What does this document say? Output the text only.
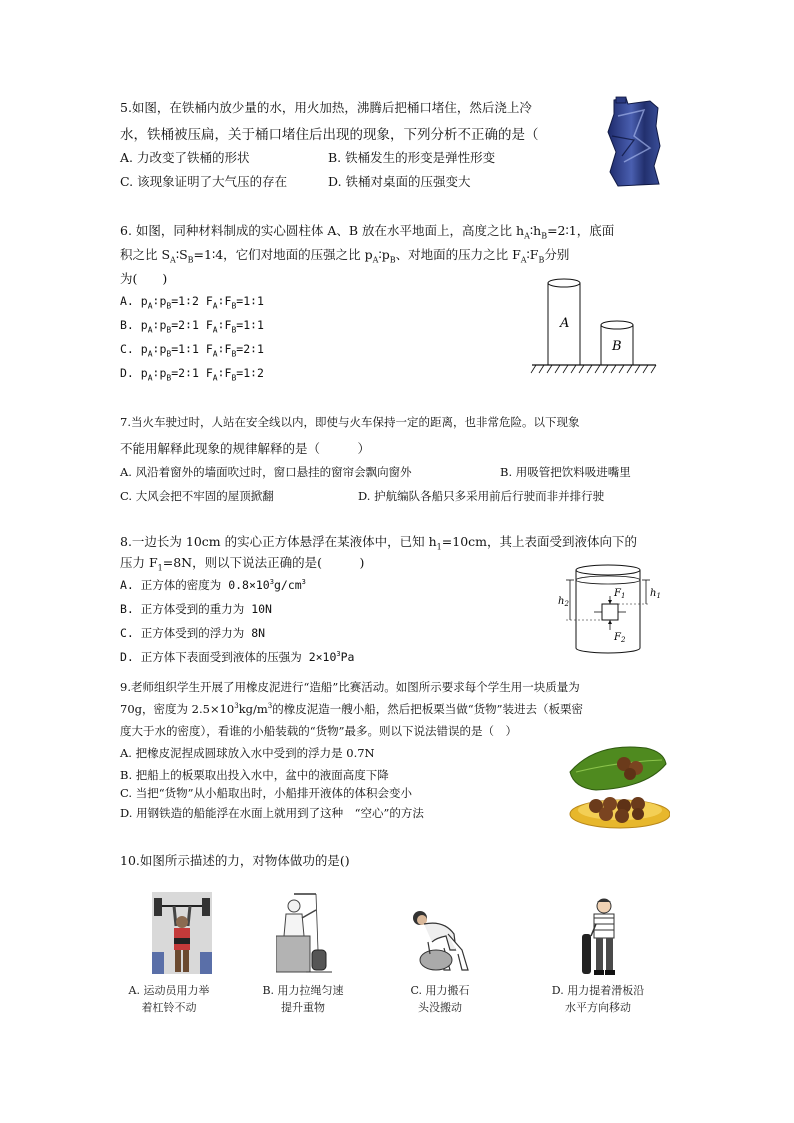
5.如图，在铁桶内放少量的水，用火加热，沸腾后把桶口堵住，然后浇上冷
水，铁桶被压扁，关于桶口堵住后出现的现象，下列分析不正确的是（
A. 力改变了铁桶的形状	B. 铁桶发生的形变是弹性形变
C. 该现象证明了大气压的存在	D. 铁桶对桌面的压强变大
6. 如图，同种材料制成的实心圆柱体 A、B 放在水平地面上，高度之比 $h_A∶h_B=2∶1$，底面
积之比 $S_A∶S_B=1∶4$，它们对地面的压强之比 $p_A∶p_B$、对地面的压力之比 $F_A∶F_B$分别
为(　　)
A. $p_A∶p_B=1∶2$ $F_A∶F_B=1∶1$
B. $p_A∶p_B=2∶1$ $F_A∶F_B=1∶1$
C. $p_A∶p_B=1∶1$ $F_A∶F_B=2∶1$
D. $p_A∶p_B=2∶1$ $F_A∶F_B=1∶2$
A
B
7.当火车驶过时，人站在安全线以内，即使与火车保持一定的距离，也非常危险。以下现象
不能用解释此现象的规律解释的是（　　　）
A. 风沿着窗外的墙面吹过时，窗口悬挂的窗帘会飘向窗外	B. 用吸管把饮料吸进嘴里
C. 大风会把不牢固的屋顶掀翻	D. 护航编队各船只多采用前后行驶而非并排行驶
8.一边长为 10cm 的实心正方体悬浮在某液体中，已知 $h_1=10cm$，其上表面受到液体向下的
压力 $F_1=8N$，则以下说法正确的是(　　　)
A. 正方体的密度为 $0.8\times 10^3g/cm^3$
B. 正方体受到的重力为 10N
C. 正方体受到的浮力为 8N
D. 正方体下表面受到液体的压强为 $2\times 10^3Pa$
$F_1$
$F_2$
$h_1$
$h_2$
9.老师组织学生开展了用橡皮泥进行“造船”比赛活动。如图所示要求每个学生用一块质量为
70g，密度为 $2.5\times 10^3kg/m^3$的橡皮泥造一艘小船，然后把板栗当做“货物”装进去（板栗密
度大于水的密度），看谁的小船装载的“货物”最多。则以下说法错误的是（　）
A. 把橡皮泥捏成圆球放入水中受到的浮力是 0.7N
B. 把船上的板栗取出投入水中，盆中的液面高度下降
C. 当把“货物”从小船取出时，小船排开液体的体积会变小
D. 用钢铁造的船能浮在水面上就用到了这种　“空心”的方法
10.如图所示描述的力，对物体做功的是()
A. 运动员用力举着杠铃不动
B. 用力拉绳匀速提升重物
C. 用力搬石头没搬动
D. 用力提着滑板沿水平方向移动
